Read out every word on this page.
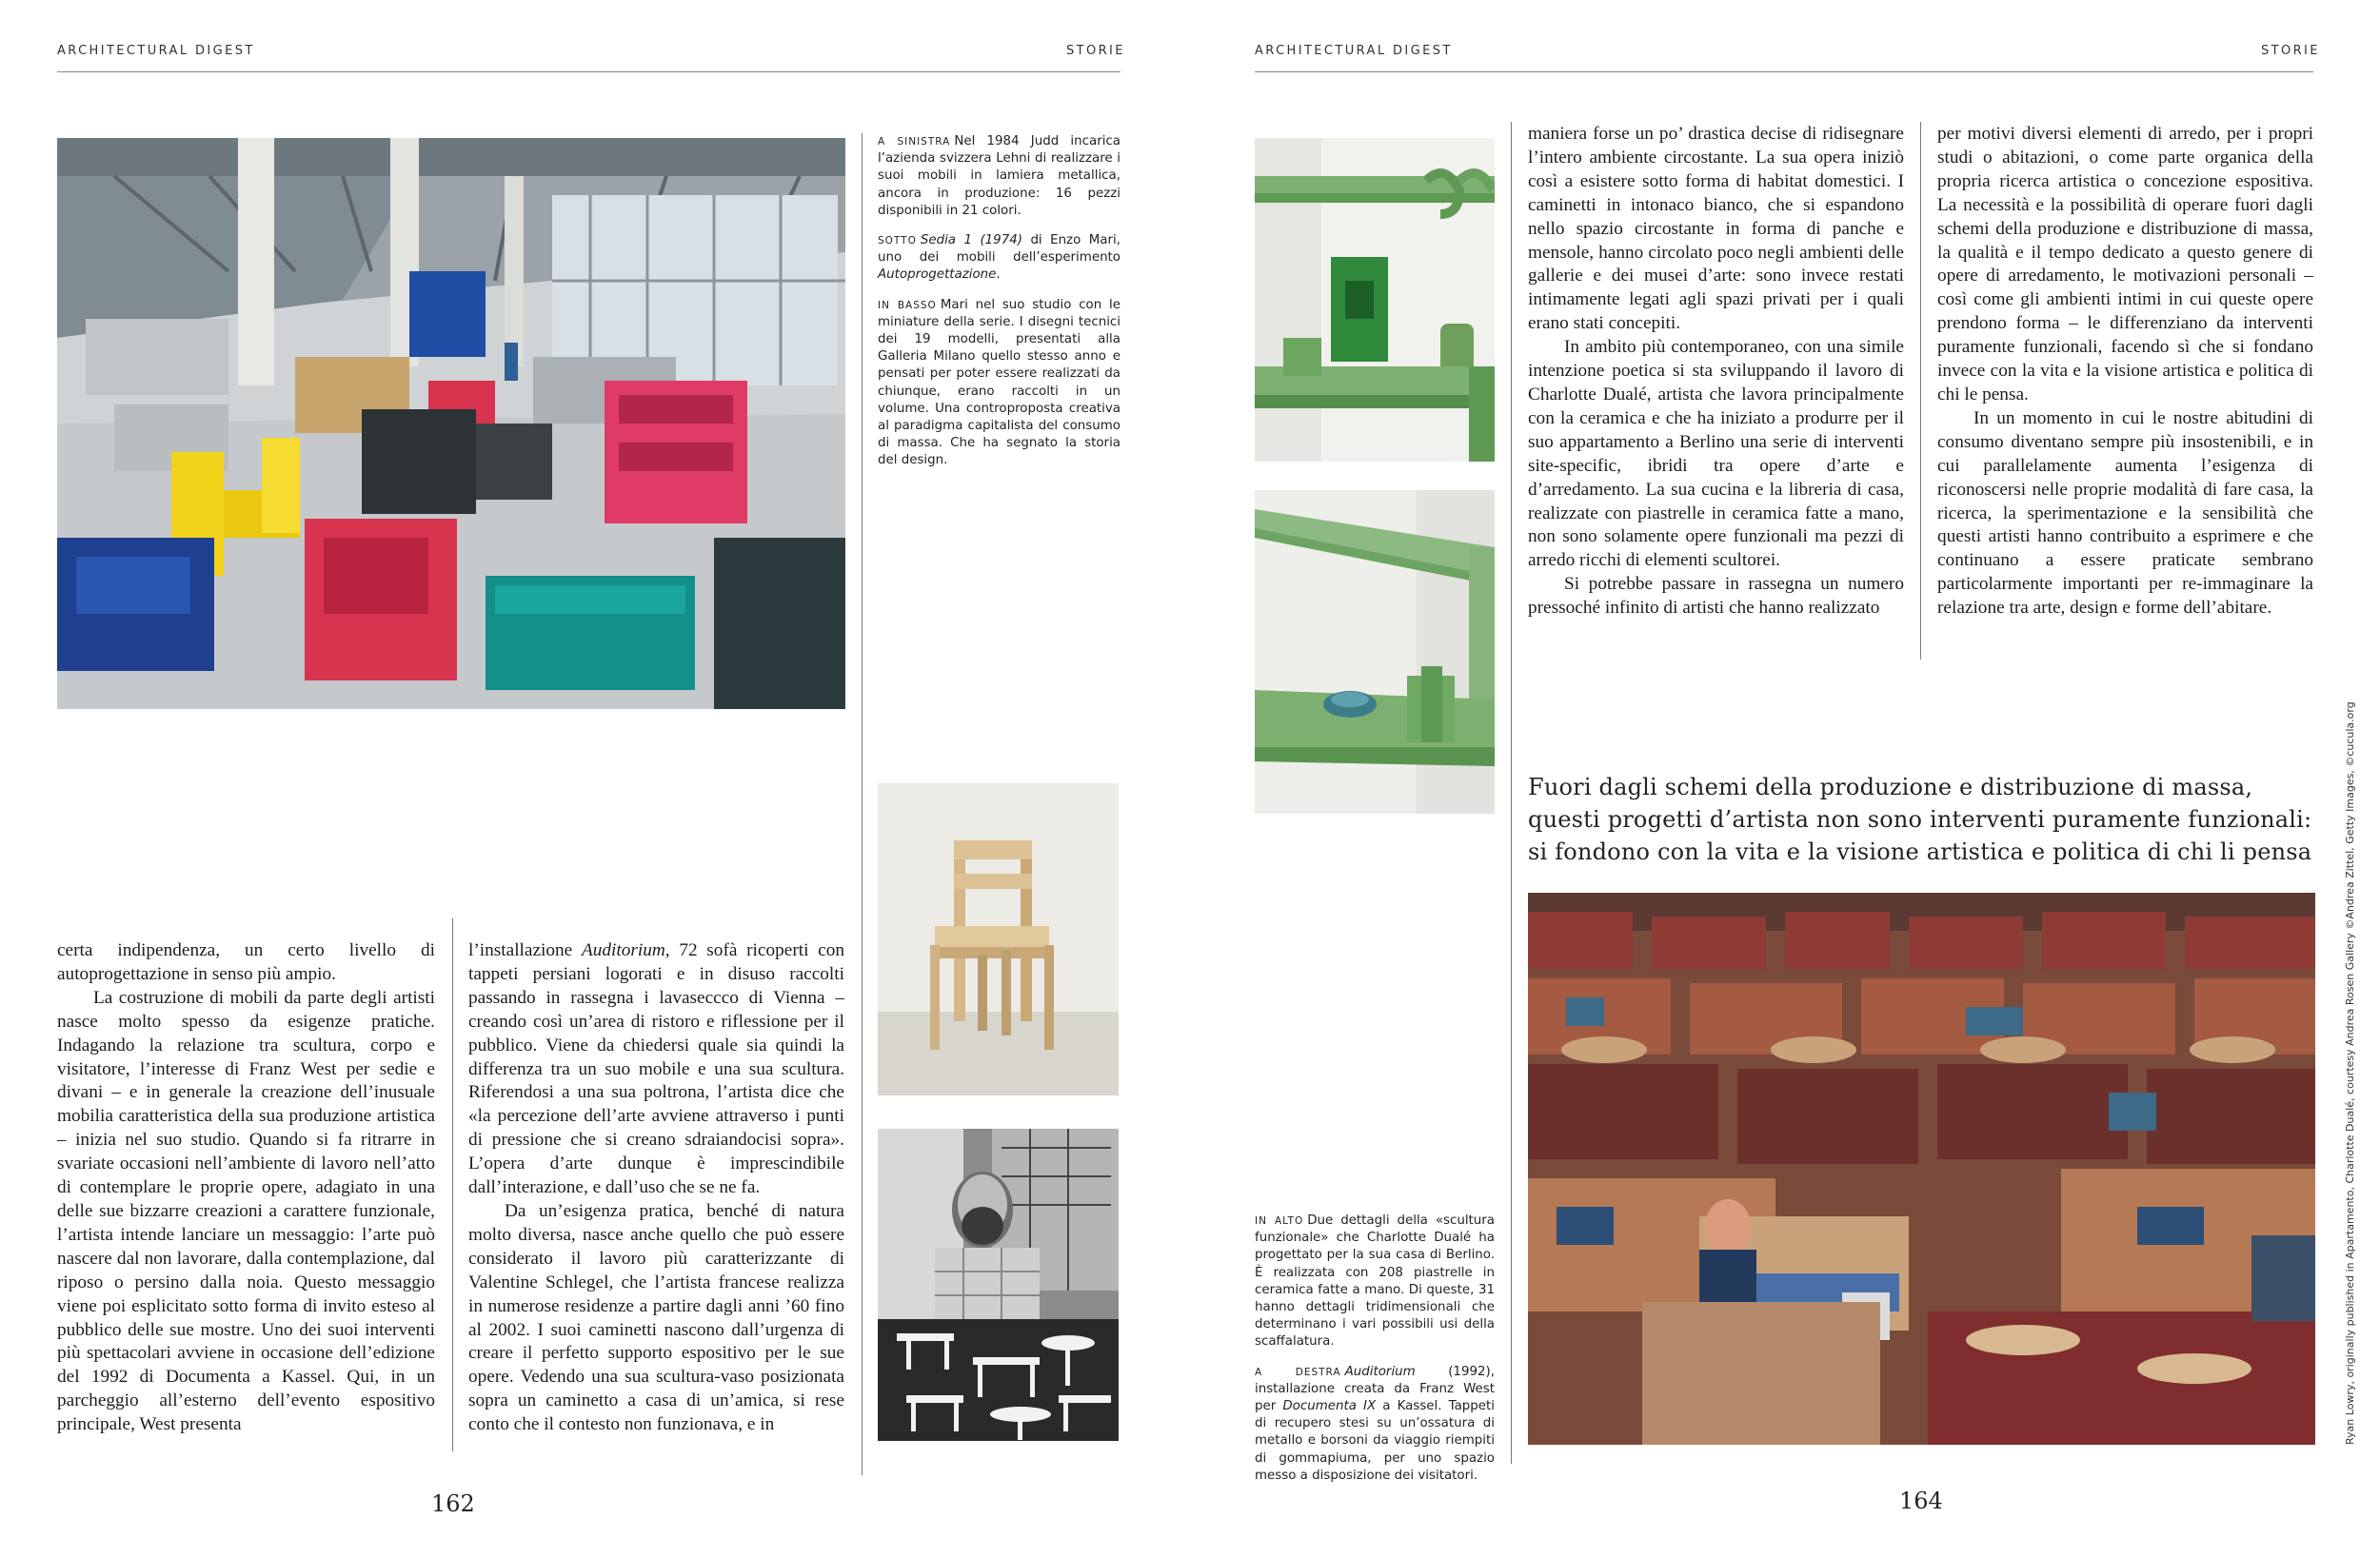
ARCHITECTURAL DIGEST	STORIE

A SINISTRA Nel 1984 Judd incarica l’azienda svizzera Lehni di realizzare i suoi mobili in lamiera metallica, ancora in produzione: 16 pezzi disponibili in 21 colori.

SOTTO Sedia 1 (1974) di Enzo Mari, uno dei mobili dell’esperimento Autoprogettazione.

IN BASSO Mari nel suo studio con le miniature della serie. I disegni tecnici dei 19 modelli, presentati alla Galleria Milano quello stesso anno e pensati per poter essere realizzati da chiunque, erano raccolti in un volume. Una controproposta creativa al paradigma capitalista del consumo di massa. Che ha segnato la storia del design.

certa indipendenza, un certo livello di autoprogettazione in senso più ampio.

La costruzione di mobili da parte degli artisti nasce molto spesso da esigenze pratiche. Indagando la relazione tra scultura, corpo e visitatore, l’interesse di Franz West per sedie e divani – e in generale la creazione dell’inusuale mobilia caratteristica della sua produzione artistica – inizia nel suo studio. Quando si fa ritrarre in svariate occasioni nell’ambiente di lavoro nell’atto di contemplare le proprie opere, adagiato in una delle sue bizzarre creazioni a carattere funzionale, l’artista intende lanciare un messaggio: l’arte può nascere dal non lavorare, dalla contemplazione, dal riposo o persino dalla noia. Questo messaggio viene poi esplicitato sotto forma di invito esteso al pubblico delle sue mostre. Uno dei suoi interventi più spettacolari avviene in occasione dell’edizione del 1992 di Documenta a Kassel. Qui, in un parcheggio all’esterno dell’evento espositivo principale, West presenta

l’installazione Auditorium, 72 sofà ricoperti con tappeti persiani logorati e in disuso raccolti passando in rassegna i lavaseccco di Vienna – creando così un’area di ristoro e riflessione per il pubblico. Viene da chiedersi quale sia quindi la differenza tra un suo mobile e una sua scultura. Riferendosi a una sua poltrona, l’artista dice che «la percezione dell’arte avviene attraverso i punti di pressione che si creano sdraiandocisi sopra». L’opera d’arte dunque è imprescindibile dall’interazione, e dall’uso che se ne fa.

Da un’esigenza pratica, benché di natura molto diversa, nasce anche quello che può essere considerato il lavoro più caratterizzante di Valentine Schlegel, che l’artista francese realizza in numerose residenze a partire dagli anni ’60 fino al 2002. I suoi caminetti nascono dall’urgenza di creare il perfetto supporto espositivo per le sue opere. Vedendo una sua scultura-vaso posizionata sopra un caminetto a casa di un’amica, si rese conto che il contesto non funzionava, e in

162
ARCHITECTURAL DIGEST	STORIE

maniera forse un po’ drastica decise di ridisegnare l’intero ambiente circostante. La sua opera iniziò così a esistere sotto forma di habitat domestici. I caminetti in intonaco bianco, che si espandono nello spazio circostante in forma di panche e mensole, hanno circolato poco negli ambienti delle gallerie e dei musei d’arte: sono invece restati intimamente legati agli spazi privati per i quali erano stati concepiti.

In ambito più contemporaneo, con una simile intenzione poetica si sta sviluppando il lavoro di Charlotte Dualé, artista che lavora principalmente con la ceramica e che ha iniziato a produrre per il suo appartamento a Berlino una serie di interventi site-specific, ibridi tra opere d’arte e d’arredamento. La sua cucina e la libreria di casa, realizzate con piastrelle in ceramica fatte a mano, non sono solamente opere funzionali ma pezzi di arredo ricchi di elementi scultorei.

Si potrebbe passare in rassegna un numero pressoché infinito di artisti che hanno realizzato

per motivi diversi elementi di arredo, per i propri studi o abitazioni, o come parte organica della propria ricerca artistica o concezione espositiva. La necessità e la possibilità di operare fuori dagli schemi della produzione e distribuzione di massa, la qualità e il tempo dedicato a questo genere di opere di arredamento, le motivazioni personali – così come gli ambienti intimi in cui queste opere prendono forma – le differenziano da interventi puramente funzionali, facendo sì che si fondano invece con la vita e la visione artistica e politica di chi le pensa.

In un momento in cui le nostre abitudini di consumo diventano sempre più insostenibili, e in cui parallelamente aumenta l’esigenza di riconoscersi nelle proprie modalità di fare casa, la ricerca, la sperimentazione e la sensibilità che questi artisti hanno contribuito a esprimere e che continuano a essere praticate sembrano particolarmente importanti per re-immaginare la relazione tra arte, design e forme dell’abitare.

Fuori dagli schemi della produzione e distribuzione di massa,
questi progetti d’artista non sono interventi puramente funzionali:
si fondono con la vita e la visione artistica e politica di chi li pensa

IN ALTO Due dettagli della «scultura funzionale» che Charlotte Dualé ha progettato per la sua casa di Berlino. È realizzata con 208 piastrelle in ceramica fatte a mano. Di queste, 31 hanno dettagli tridimensionali che determinano i vari possibili usi della scaffalatura.

A DESTRA Auditorium	(1992), installazione creata da Franz West per Documenta IX a Kassel. Tappeti di recupero stesi su un’ossatura di metallo e borsoni da viaggio riempiti di gommapiuma, per uno spazio messo a disposizione dei visitatori.

164
Ryan Lowry, originally published in Apartamento, Charlotte Dualé, courtesy Andrea Rosen Gallery ©Andrea Zittel, Getty Images, ©cucula.org
